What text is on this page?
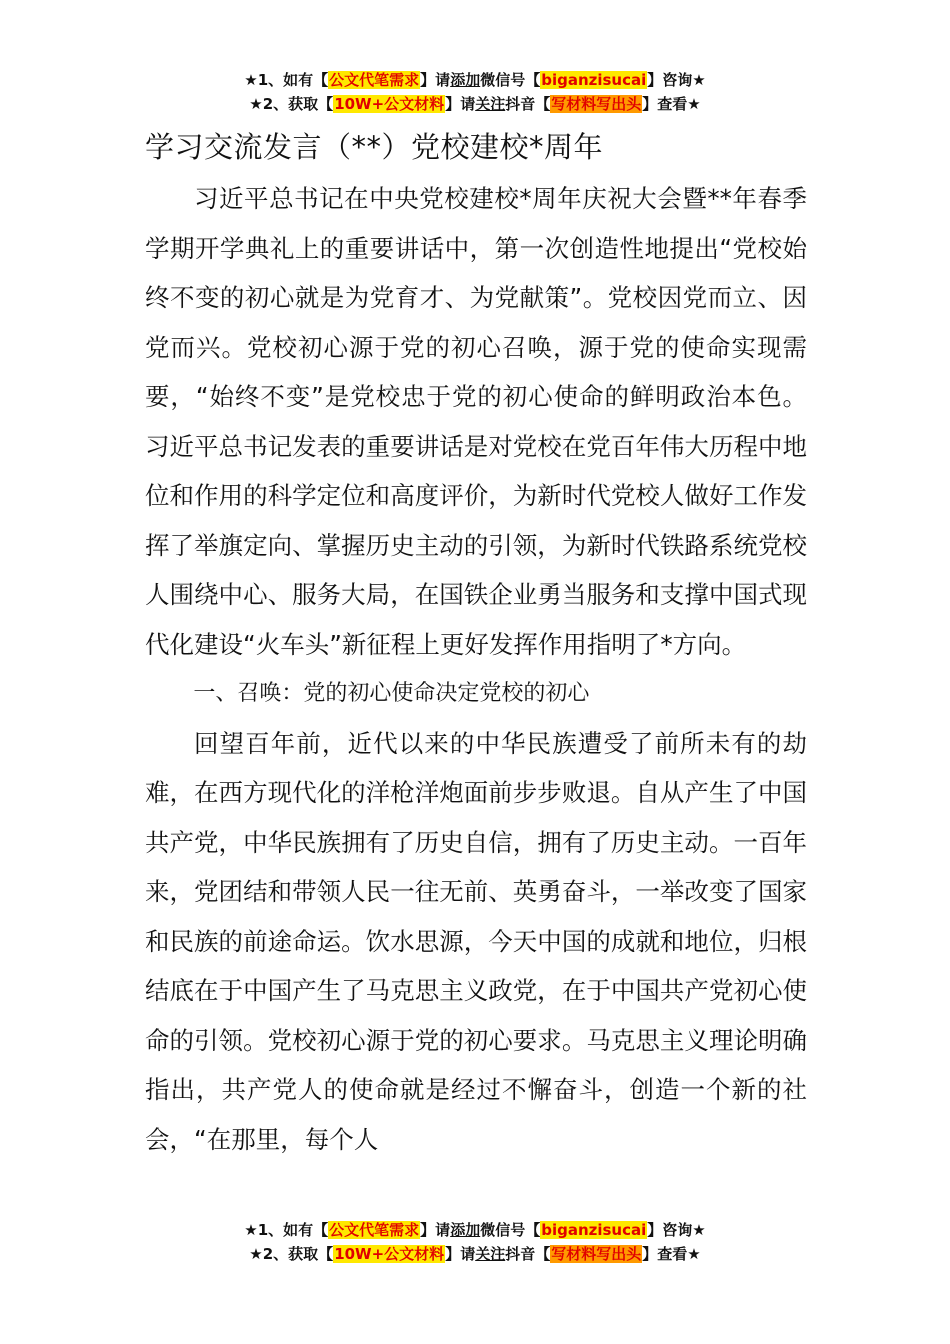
★1、如有【公文代笔需求】请添加微信号【biganzisucai】咨询★
★2、获取【10W+公文材料】请关注抖音【写材料写出头】查看★
学习交流发言（**）党校建校*周年

习近平总书记在中央党校建校*周年庆祝大会暨**年春季学期开学典礼上的重要讲话中，第一次创造性地提出“党校始终不变的初心就是为党育才、为党献策”。党校因党而立、因党而兴。党校初心源于党的初心召唤，源于党的使命实现需要，“始终不变”是党校忠于党的初心使命的鲜明政治本色。习近平总书记发表的重要讲话是对党校在党百年伟大历程中地位和作用的科学定位和高度评价，为新时代党校人做好工作发挥了举旗定向、掌握历史主动的引领，为新时代铁路系统党校人围绕中心、服务大局，在国铁企业勇当服务和支撑中国式现代化建设“火车头”新征程上更好发挥作用指明了*方向。

一、召唤：党的初心使命决定党校的初心

回望百年前，近代以来的中华民族遭受了前所未有的劫难，在西方现代化的洋枪洋炮面前步步败退。自从产生了中国共产党，中华民族拥有了历史自信，拥有了历史主动。一百年来，党团结和带领人民一往无前、英勇奋斗，一举改变了国家和民族的前途命运。饮水思源，今天中国的成就和地位，归根结底在于中国产生了马克思主义政党，在于中国共产党初心使命的引领。党校初心源于党的初心要求。马克思主义理论明确指出，共产党人的使命就是经过不懈奋斗，创造一个新的社会，“在那里，每个人

★1、如有【公文代笔需求】请添加微信号【biganzisucai】咨询★
★2、获取【10W+公文材料】请关注抖音【写材料写出头】查看★
